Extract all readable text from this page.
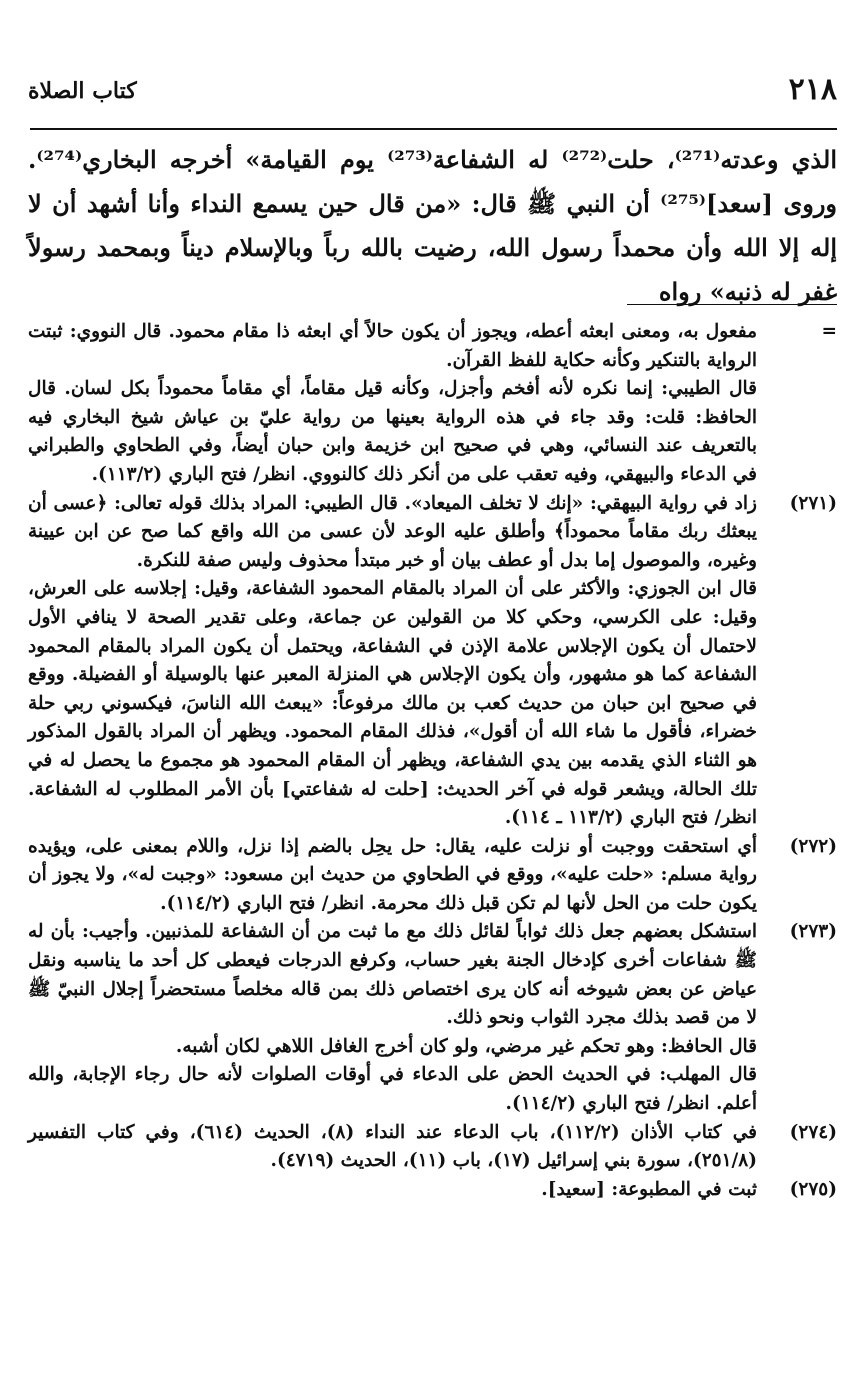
٢١٨
كتاب الصلاة

الذي وعدته⁽²⁷¹⁾، حلت⁽²⁷²⁾ له الشفاعة⁽²⁷³⁾ يوم القيامة» أخرجه البخاري⁽²⁷⁴⁾. وروى [سعد]⁽²⁷⁵⁾ أن النبي ﷺ قال: «من قال حين يسمع النداء وأنا أشهد أن لا إله إلا الله وأن محمداً رسول الله، رضيت بالله رباً وبالإسلام ديناً وبمحمد رسولاً غفر له ذنبه» رواه

=

مفعول به، ومعنى ابعثه أعطه، ويجوز أن يكون حالاً أي ابعثه ذا مقام محمود. قال النووي: ثبتت الرواية بالتنكير وكأنه حكاية للفظ القرآن.

قال الطيبي: إنما نكره لأنه أفخم وأجزل، وكأنه قيل مقاماً، أي مقاماً محموداً بكل لسان. قال الحافظ: قلت: وقد جاء في هذه الرواية بعينها من رواية عليّ بن عياش شيخ البخاري فيه بالتعريف عند النسائي، وهي في صحيح ابن خزيمة وابن حبان أيضاً، وفي الطحاوي والطبراني في الدعاء والبيهقي، وفيه تعقب على من أنكر ذلك كالنووي. انظر/ فتح الباري (١١٣/٢).

(٢٧١)

زاد في رواية البيهقي: «إنك لا تخلف الميعاد». قال الطيبي: المراد بذلك قوله تعالى: ﴿عسى أن يبعثك ربك مقاماً محموداً﴾ وأطلق عليه الوعد لأن عسى من الله واقع كما صح عن ابن عيينة وغيره، والموصول إما بدل أو عطف بيان أو خبر مبتدأ محذوف وليس صفة للنكرة.

قال ابن الجوزي: والأكثر على أن المراد بالمقام المحمود الشفاعة، وقيل: إجلاسه على العرش، وقيل: على الكرسي، وحكي كلا من القولين عن جماعة، وعلى تقدير الصحة لا ينافي الأول لاحتمال أن يكون الإجلاس علامة الإذن في الشفاعة، ويحتمل أن يكون المراد بالمقام المحمود الشفاعة كما هو مشهور، وأن يكون الإجلاس هي المنزلة المعبر عنها بالوسيلة أو الفضيلة. ووقع في صحيح ابن حبان من حديث كعب بن مالك مرفوعاً: «يبعث الله الناسَ، فيكسوني ربي حلة خضراء، فأقول ما شاء الله أن أقول»، فذلك المقام المحمود. ويظهر أن المراد بالقول المذكور هو الثناء الذي يقدمه بين يدي الشفاعة، ويظهر أن المقام المحمود هو مجموع ما يحصل له في تلك الحالة، ويشعر قوله في آخر الحديث: [حلت له شفاعتي] بأن الأمر المطلوب له الشفاعة. انظر/ فتح الباري (١١٣/٢ ـ ١١٤).

(٢٧٢)

أي استحقت ووجبت أو نزلت عليه، يقال: حل يحِل بالضم إذا نزل، واللام بمعنى على، ويؤيده رواية مسلم: «حلت عليه»، ووقع في الطحاوي من حديث ابن مسعود: «وجبت له»، ولا يجوز أن يكون حلت من الحل لأنها لم تكن قبل ذلك محرمة. انظر/ فتح الباري (١١٤/٢).

(٢٧٣)

استشكل بعضهم جعل ذلك ثواباً لقائل ذلك مع ما ثبت من أن الشفاعة للمذنبين. وأجيب: بأن له ﷺ شفاعات أخرى كإدخال الجنة بغير حساب، وكرفع الدرجات فيعطى كل أحد ما يناسبه ونقل عياض عن بعض شيوخه أنه كان يرى اختصاص ذلك بمن قاله مخلصاً مستحضراً إجلال النبيّ ﷺ لا من قصد بذلك مجرد الثواب ونحو ذلك.

قال الحافظ: وهو تحكم غير مرضي، ولو كان أخرج الغافل اللاهي لكان أشبه.

قال المهلب: في الحديث الحض على الدعاء في أوقات الصلوات لأنه حال رجاء الإجابة، والله أعلم. انظر/ فتح الباري (١١٤/٢).

(٢٧٤)

في كتاب الأذان (١١٢/٢)، باب الدعاء عند النداء (٨)، الحديث (٦١٤)، وفي كتاب التفسير (٢٥١/٨)، سورة بني إسرائيل (١٧)، باب (١١)، الحديث (٤٧١٩).

(٢٧٥)

ثبت في المطبوعة: [سعيد].
